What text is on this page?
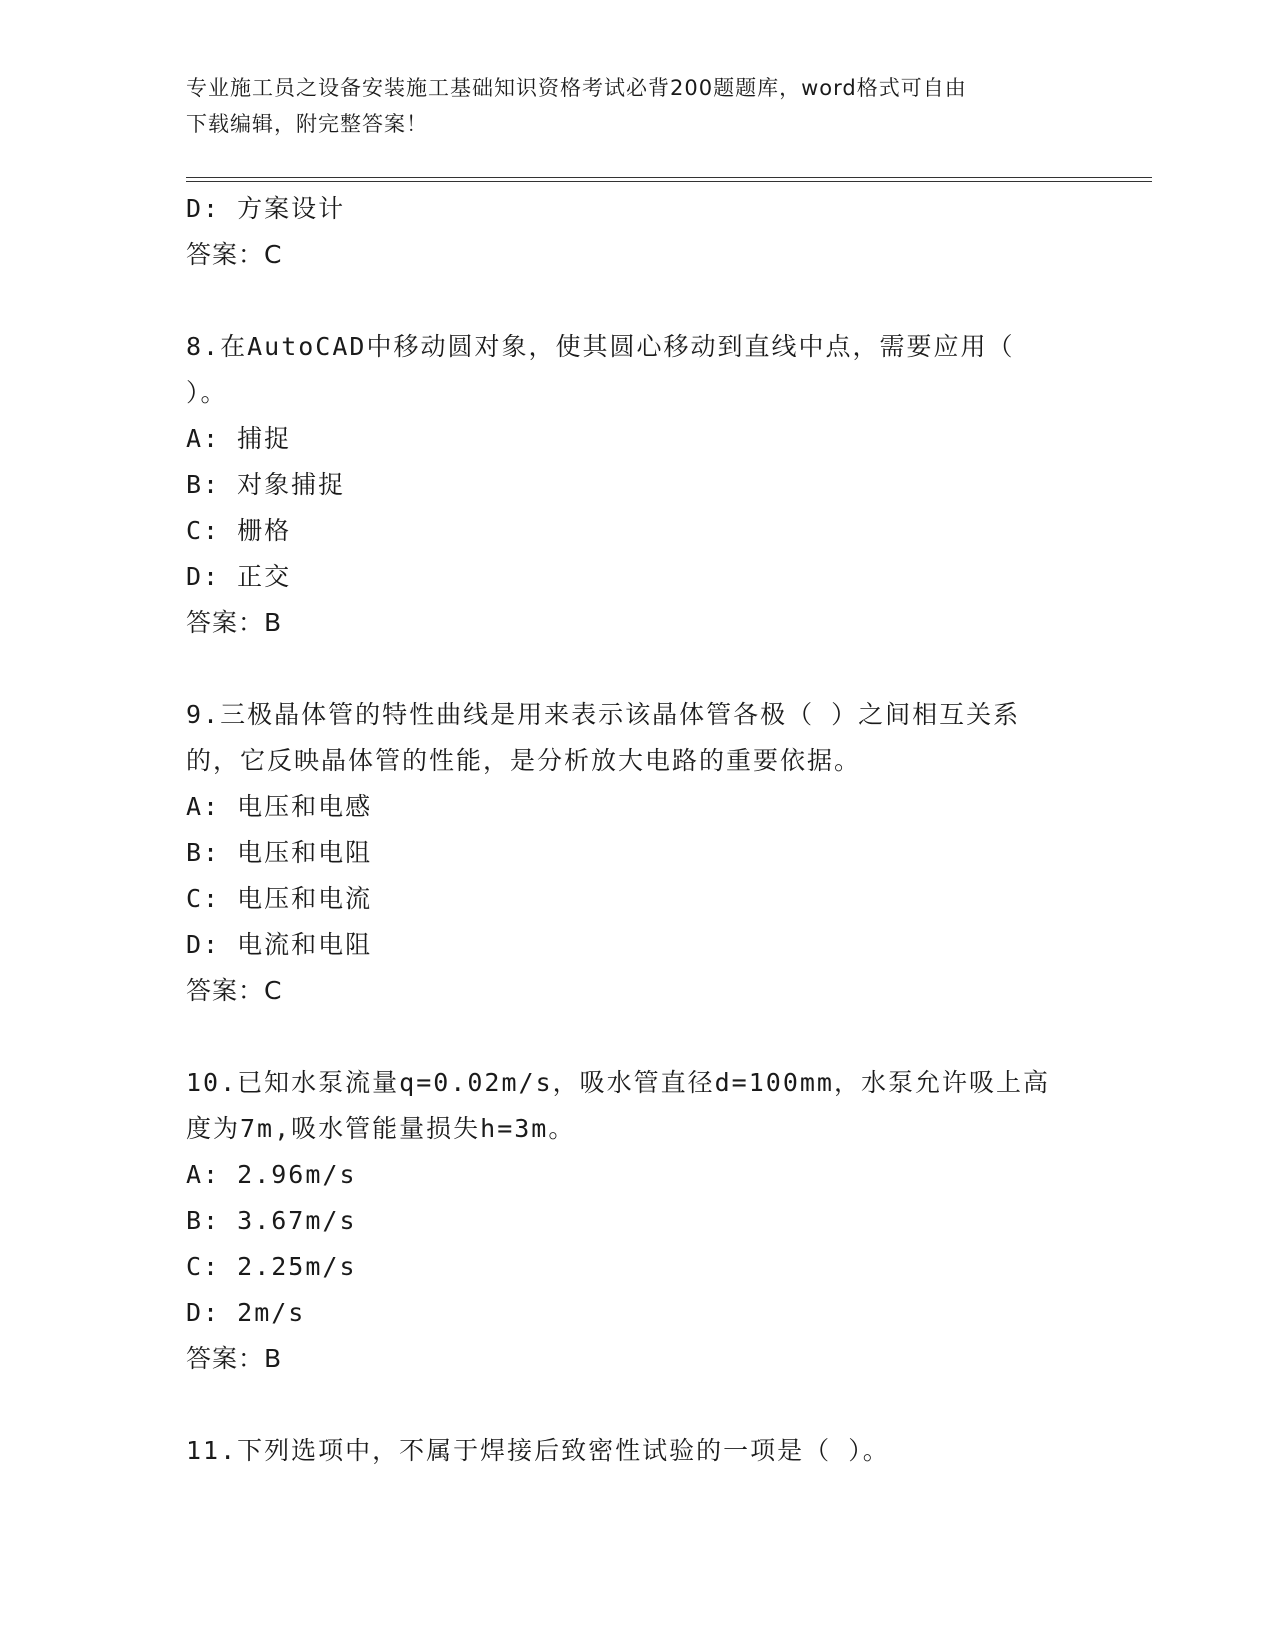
专业施工员之设备安装施工基础知识资格考试必背200题题库，word格式可自由
下载编辑，附完整答案！
D: 方案设计
答案：C
8.在AutoCAD中移动圆对象，使其圆心移动到直线中点，需要应用（
）。
A: 捕捉
B: 对象捕捉
C: 栅格
D: 正交
答案：B
9.三极晶体管的特性曲线是用来表示该晶体管各极（ ）之间相互关系
的，它反映晶体管的性能，是分析放大电路的重要依据。
A: 电压和电感
B: 电压和电阻
C: 电压和电流
D: 电流和电阻
答案：C
10.已知水泵流量q=0.02m/s，吸水管直径d=100mm，水泵允许吸上高
度为7m,吸水管能量损失h=3m。
A: 2.96m/s
B: 3.67m/s
C: 2.25m/s
D: 2m/s
答案：B
11.下列选项中，不属于焊接后致密性试验的一项是（ ）。
